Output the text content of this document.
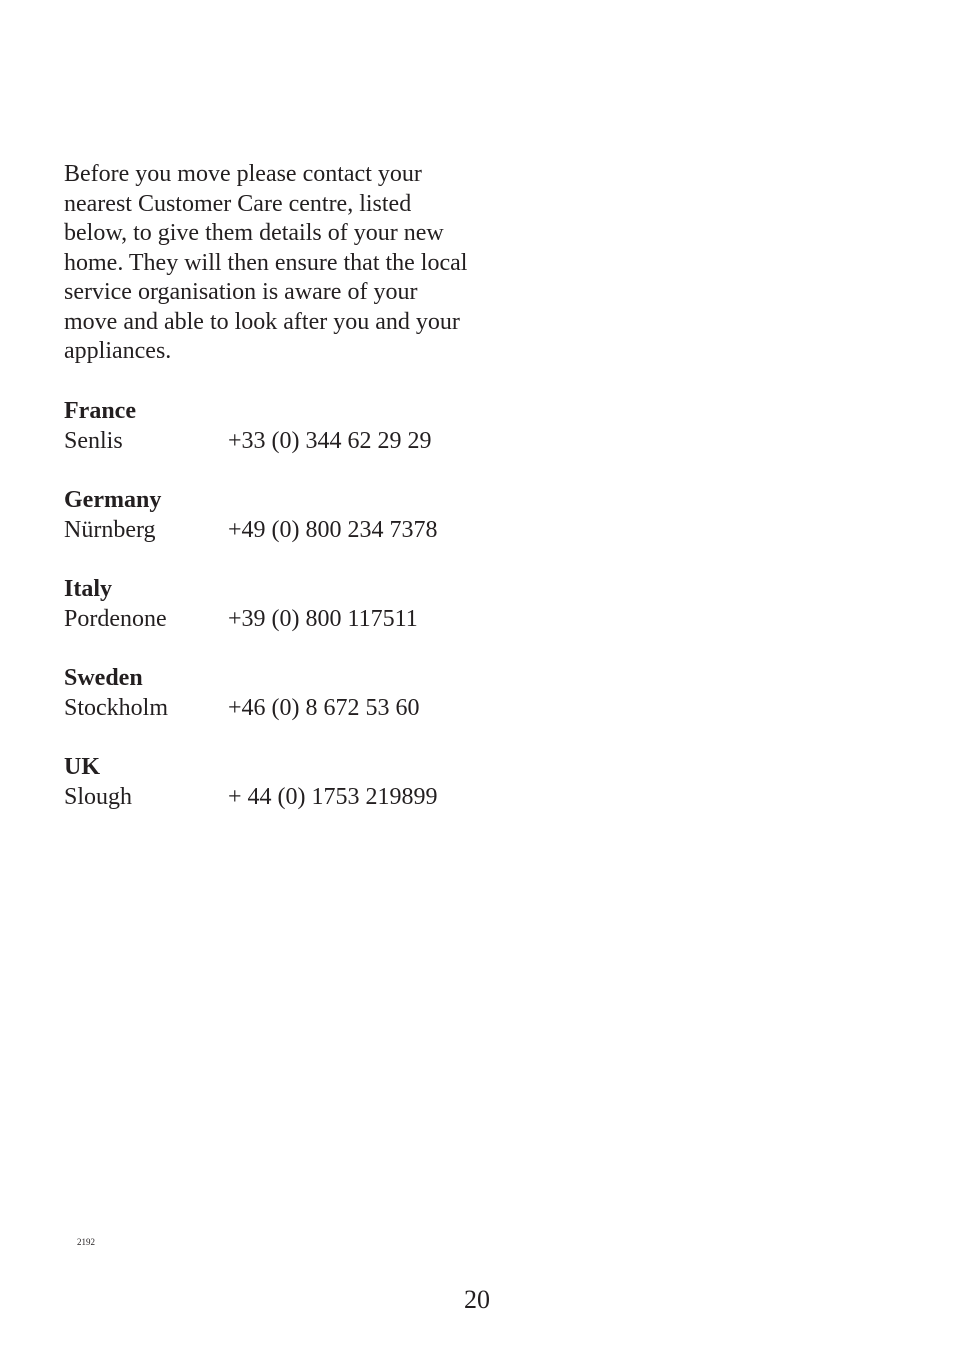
Before you move please contact your nearest Customer Care centre, listed below, to give them details of your new home. They will then ensure that the local service organisation is aware of your move and able to look after you and your appliances.

France
Senlis	+33 (0) 344 62 29 29
Germany
Nürnberg	+49 (0) 800 234 7378
Italy
Pordenone	+39 (0) 800 117511
Sweden
Stockholm +46 (0) 8 672 53 60
UK
Slough	+ 44 (0) 1753 219899
2192
20
